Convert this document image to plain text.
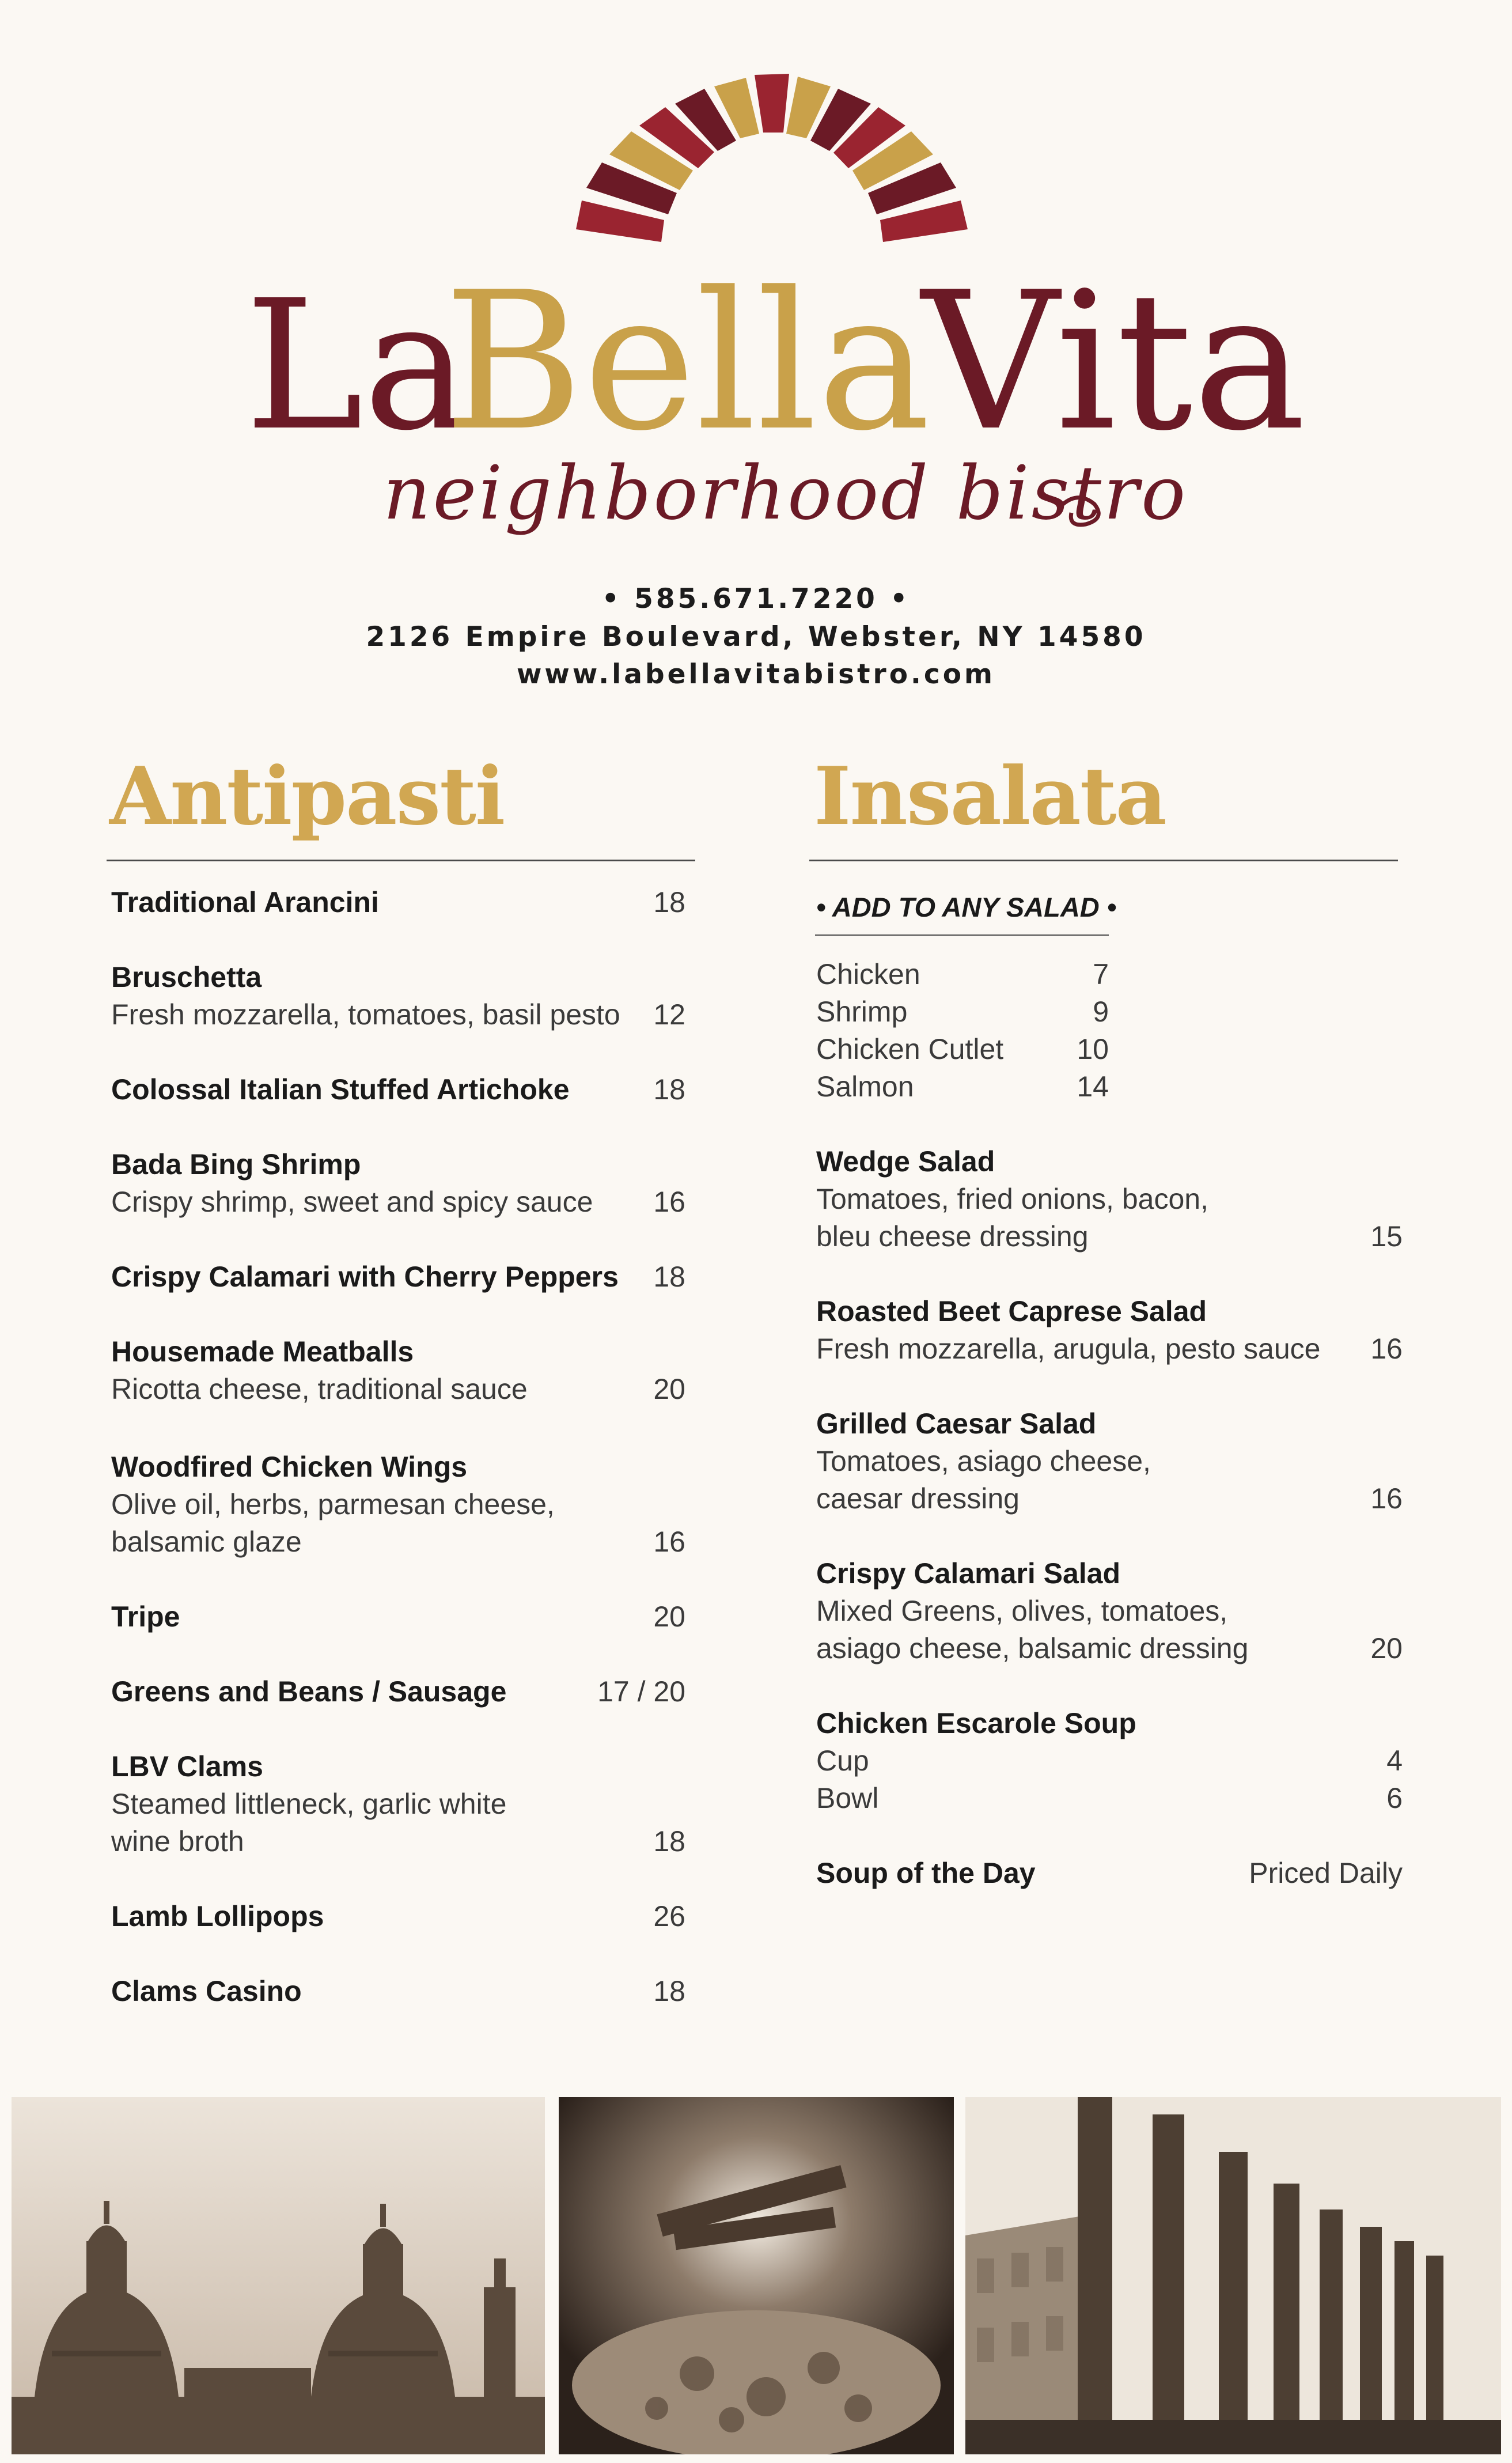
La
Bella
Vita
neighborhood bistro
• 585.671.7220 •
2126 Empire Boulevard, Webster, NY 14580
www.labellavitabistro.com
Antipasti
Traditional Arancini	18
Bruschetta
Fresh mozzarella, tomatoes, basil pesto 12
Colossal Italian Stuffed Artichoke	18
Bada Bing Shrimp
Crispy shrimp, sweet and spicy sauce 16
Crispy Calamari with Cherry Peppers 18
Housemade Meatballs
Ricotta cheese, traditional sauce	20
Woodfired Chicken Wings
Olive oil, herbs, parmesan cheese,
balsamic glaze	16
Tripe	20
Greens and Beans / Sausage	17 / 20
LBV Clams
Steamed littleneck, garlic white
wine broth	18
Lamb Lollipops	26
Clams Casino	18
Insalata
• ADD TO ANY SALAD •
Chicken	7
Shrimp	9
Chicken Cutlet	10
Salmon	14
Wedge Salad
Tomatoes, fried onions, bacon,
bleu cheese dressing	15
Roasted Beet Caprese Salad
Fresh mozzarella, arugula, pesto sauce 16
Grilled Caesar Salad
Tomatoes, asiago cheese,
caesar dressing	16
Crispy Calamari Salad
Mixed Greens, olives, tomatoes,
asiago cheese, balsamic dressing	20
Chicken Escarole Soup
Cup	4
Bowl	6
Soup of the Day	Priced Daily
